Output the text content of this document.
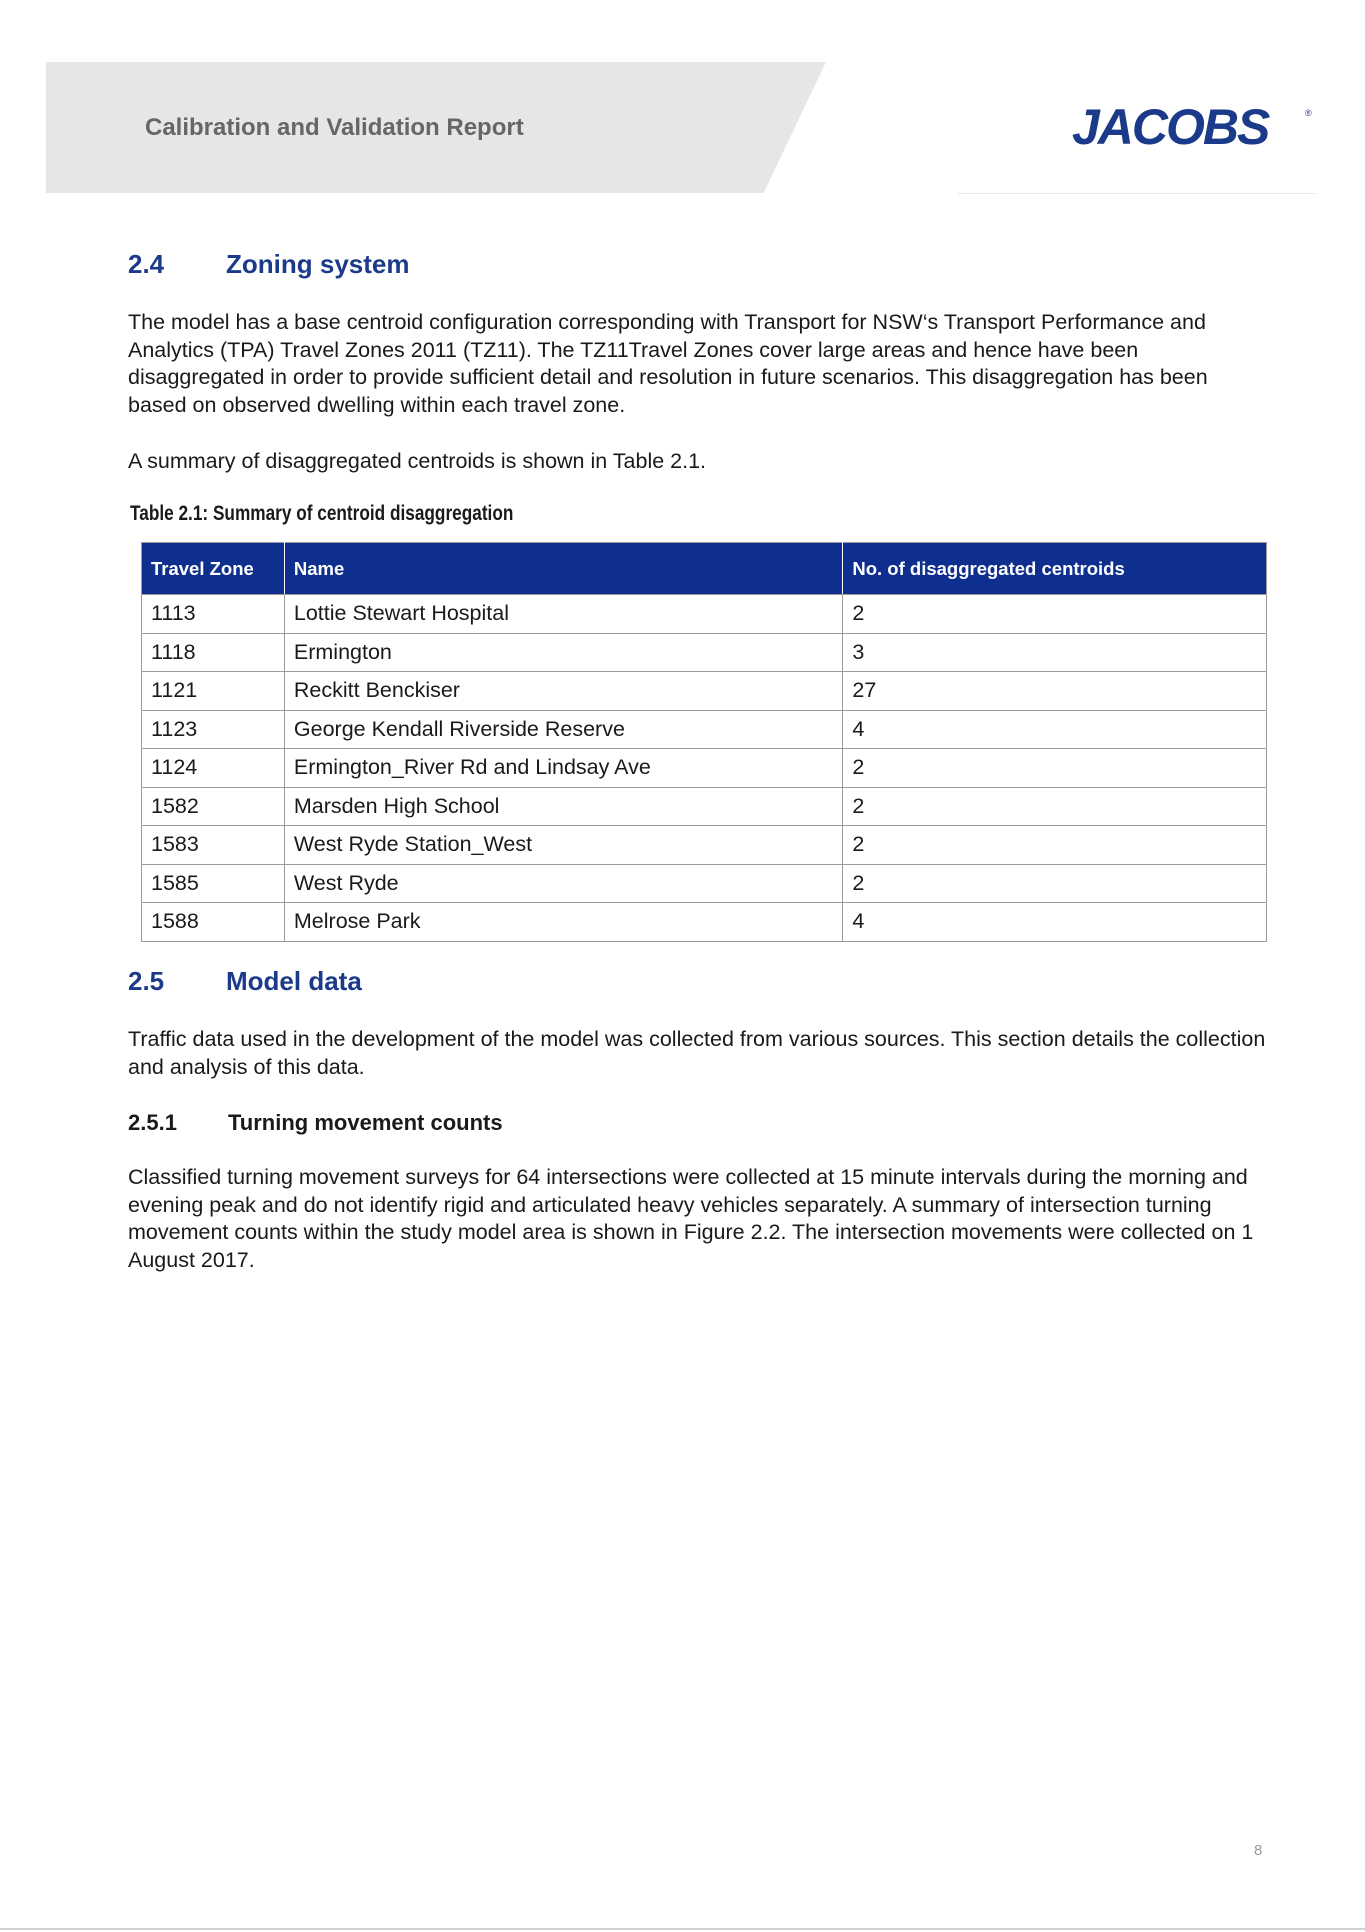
Calibration and Validation Report	JACOBS	®
2.4 Zoning system
The model has a base centroid configuration corresponding with Transport for NSW‘s Transport Performance and Analytics (TPA) Travel Zones 2011 (TZ11). The TZ11Travel Zones cover large areas and hence have been disaggregated in order to provide sufficient detail and resolution in future scenarios. This disaggregation has been based on observed dwelling within each travel zone.
A summary of disaggregated centroids is shown in Table 2.1.
Table 2.1: Summary of centroid disaggregation
Travel Zone	Name	No. of disaggregated centroids
1113	Lottie Stewart Hospital	2
1118	Ermington	3
1121	Reckitt Benckiser	27
1123	George Kendall Riverside Reserve	4
1124	Ermington_River Rd and Lindsay Ave	2
1582	Marsden High School	2
1583	West Ryde Station_West	2
1585	West Ryde	2
1588	Melrose Park	4
2.5 Model data
Traffic data used in the development of the model was collected from various sources. This section details the collection and analysis of this data.
2.5.1 Turning movement counts
Classified turning movement surveys for 64 intersections were collected at 15 minute intervals during the morning and evening peak and do not identify rigid and articulated heavy vehicles separately. A summary of intersection turning movement counts within the study model area is shown in Figure 2.2. The intersection movements were collected on 1 August 2017.
8
